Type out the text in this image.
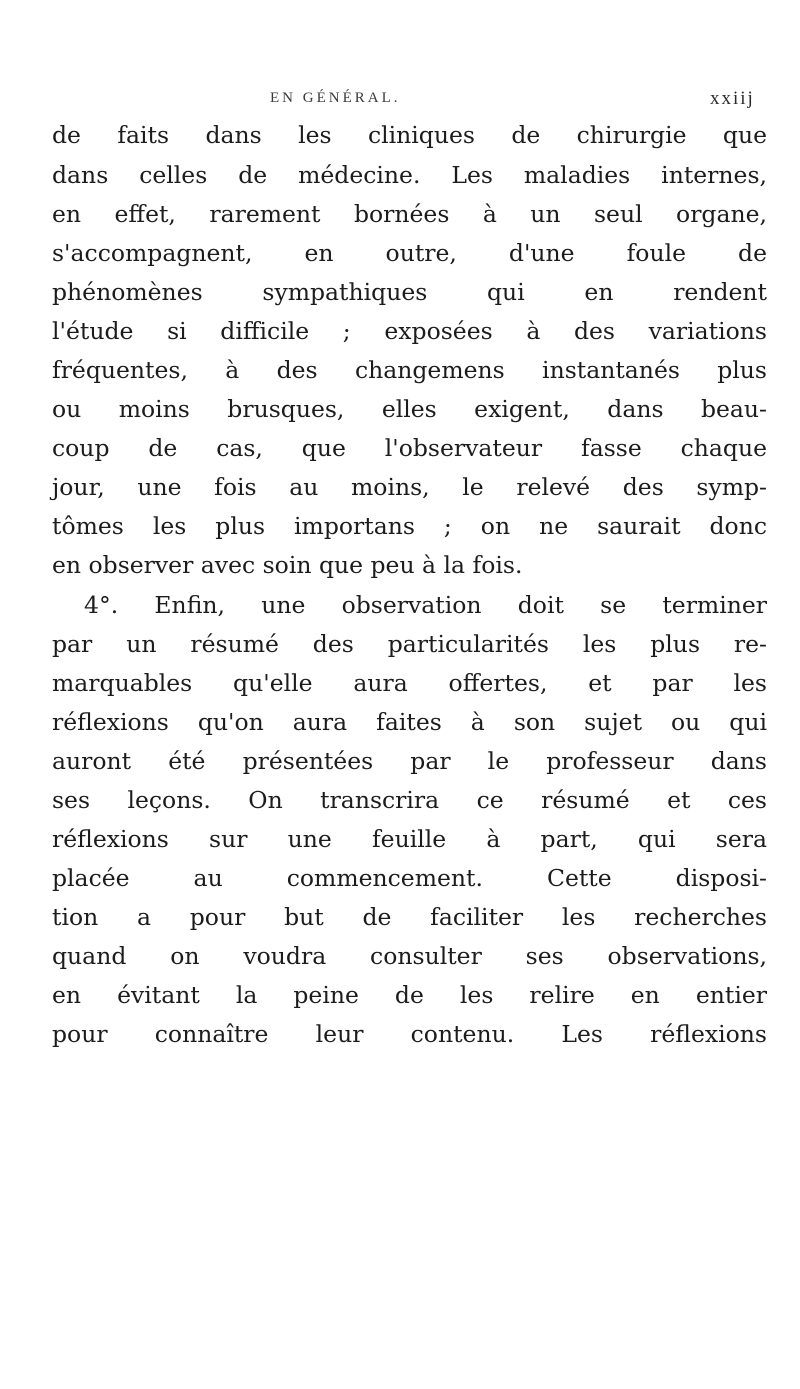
EN GÉNÉRAL.	xxiij
de faits dans les cliniques de chirurgie que
dans celles de médecine. Les maladies internes,
en effet, rarement bornées à un seul organe,
s'accompagnent, en outre, d'une foule de
phénomènes sympathiques qui en rendent
l'étude si difficile ; exposées à des variations
fréquentes, à des changemens instantanés plus
ou moins brusques, elles exigent, dans beau-
coup de cas, que l'observateur fasse chaque
jour, une fois au moins, le relevé des symp-
tômes les plus importans ; on ne saurait donc
en observer avec soin que peu à la fois.
4°. Enfin, une observation doit se terminer
par un résumé des particularités les plus re-
marquables qu'elle aura offertes, et par les
réflexions qu'on aura faites à son sujet ou qui
auront été présentées par le professeur dans
ses leçons. On transcrira ce résumé et ces
réflexions sur une feuille à part, qui sera
placée au commencement. Cette disposi-
tion a pour but de faciliter les recherches
quand on voudra consulter ses observations,
en évitant la peine de les relire en entier
pour connaître leur contenu. Les réflexions
